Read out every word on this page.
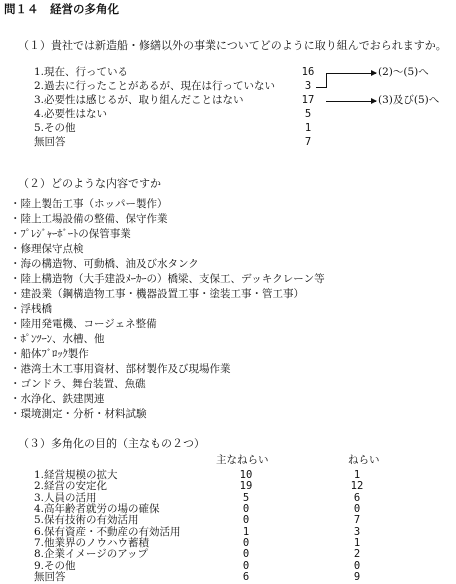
問１４　経営の多角化
（１）貴社では新造船・修繕以外の事業についてどのように取り組んでおられますか。
1.現在、行っている	16	(2)～(5)へ
2.過去に行ったことがあるが、現在は行っていない	3
3.必要性は感じるが、取り組んだことはない	17	(3)及び(5)へ
4.必要性はない	5
5.その他	1
無回答	7
（２）どのような内容ですか
・陸上製缶工事（ホッパー製作）
・陸上工場設備の整備、保守作業
・ﾌﾟﾚｼﾞｬｰﾎﾞｰﾄの保管事業
・修理保守点検
・海の構造物、可動橋、油及び水タンク
・陸上構造物（大手建設ﾒｰｶｰの）橋梁、支保工、デッキクレーン等
・建設業（鋼構造物工事・機器設置工事・塗装工事・管工事）
・浮桟橋
・陸用発電機、コージェネ整備
・ﾎﾟﾝﾂｰﾝ、水槽、他
・船体ﾌﾞﾛｯｸ製作
・港湾土木工事用資材、部材製作及び現場作業
・ゴンドラ、舞台装置、魚礁
・水浄化、鉄建関連
・環境測定・分析・材料試験
（３）多角化の目的（主なもの２つ）
主なねらい	ねらい
1.経営規模の拡大	10	1
2.経営の安定化	19	12
3.人員の活用	5	6
4.高年齢者就労の場の確保	0	0
5.保有技術の有効活用	0	7
6.保有資産・不動産の有効活用	1	3
7.他業界のノウハウ蓄積	0	1
8.企業イメージのアップ	0	2
9.その他	0	0
無回答	6	9
